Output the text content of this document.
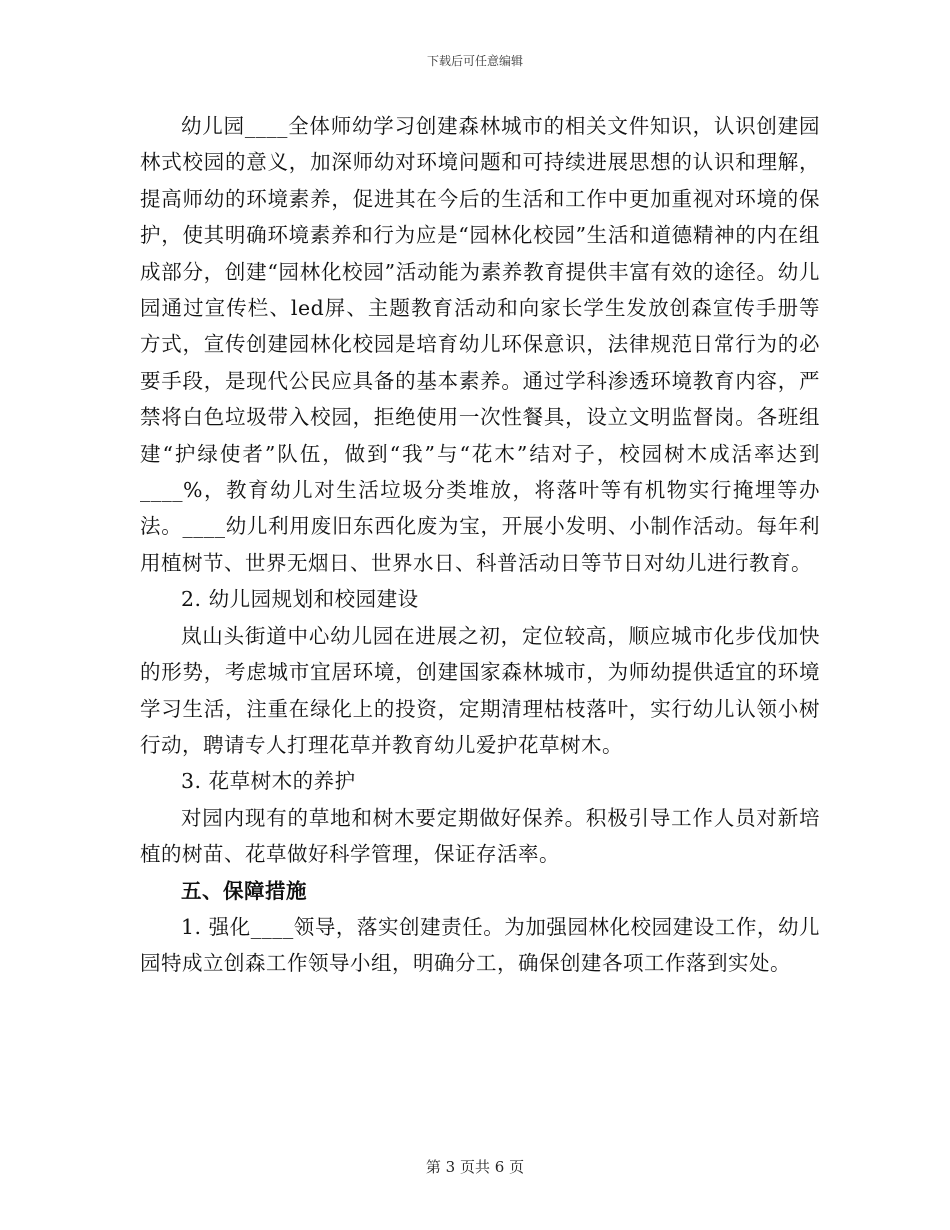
下载后可任意编辑

幼儿园____全体师幼学习创建森林城市的相关文件知识，认识创建园林式校园的意义，加深师幼对环境问题和可持续进展思想的认识和理解，提高师幼的环境素养，促进其在今后的生活和工作中更加重视对环境的保护，使其明确环境素养和行为应是“园林化校园”生活和道德精神的内在组成部分，创建“园林化校园”活动能为素养教育提供丰富有效的途径。幼儿园通过宣传栏、led屏、主题教育活动和向家长学生发放创森宣传手册等方式，宣传创建园林化校园是培育幼儿环保意识，法律规范日常行为的必要手段，是现代公民应具备的基本素养。通过学科渗透环境教育内容，严禁将白色垃圾带入校园，拒绝使用一次性餐具，设立文明监督岗。各班组建“护绿使者”队伍，做到“我”与“花木”结对子，校园树木成活率达到____%，教育幼儿对生活垃圾分类堆放，将落叶等有机物实行掩埋等办法。____幼儿利用废旧东西化废为宝，开展小发明、小制作活动。每年利用植树节、世界无烟日、世界水日、科普活动日等节日对幼儿进行教育。

2. 幼儿园规划和校园建设

岚山头街道中心幼儿园在进展之初，定位较高，顺应城市化步伐加快的形势，考虑城市宜居环境，创建国家森林城市，为师幼提供适宜的环境学习生活，注重在绿化上的投资，定期清理枯枝落叶，实行幼儿认领小树行动，聘请专人打理花草并教育幼儿爱护花草树木。

3. 花草树木的养护

对园内现有的草地和树木要定期做好保养。积极引导工作人员对新培植的树苗、花草做好科学管理，保证存活率。

五、保障措施

1. 强化____领导，落实创建责任。为加强园林化校园建设工作，幼儿园特成立创森工作领导小组，明确分工，确保创建各项工作落到实处。

第 3 页共 6 页
